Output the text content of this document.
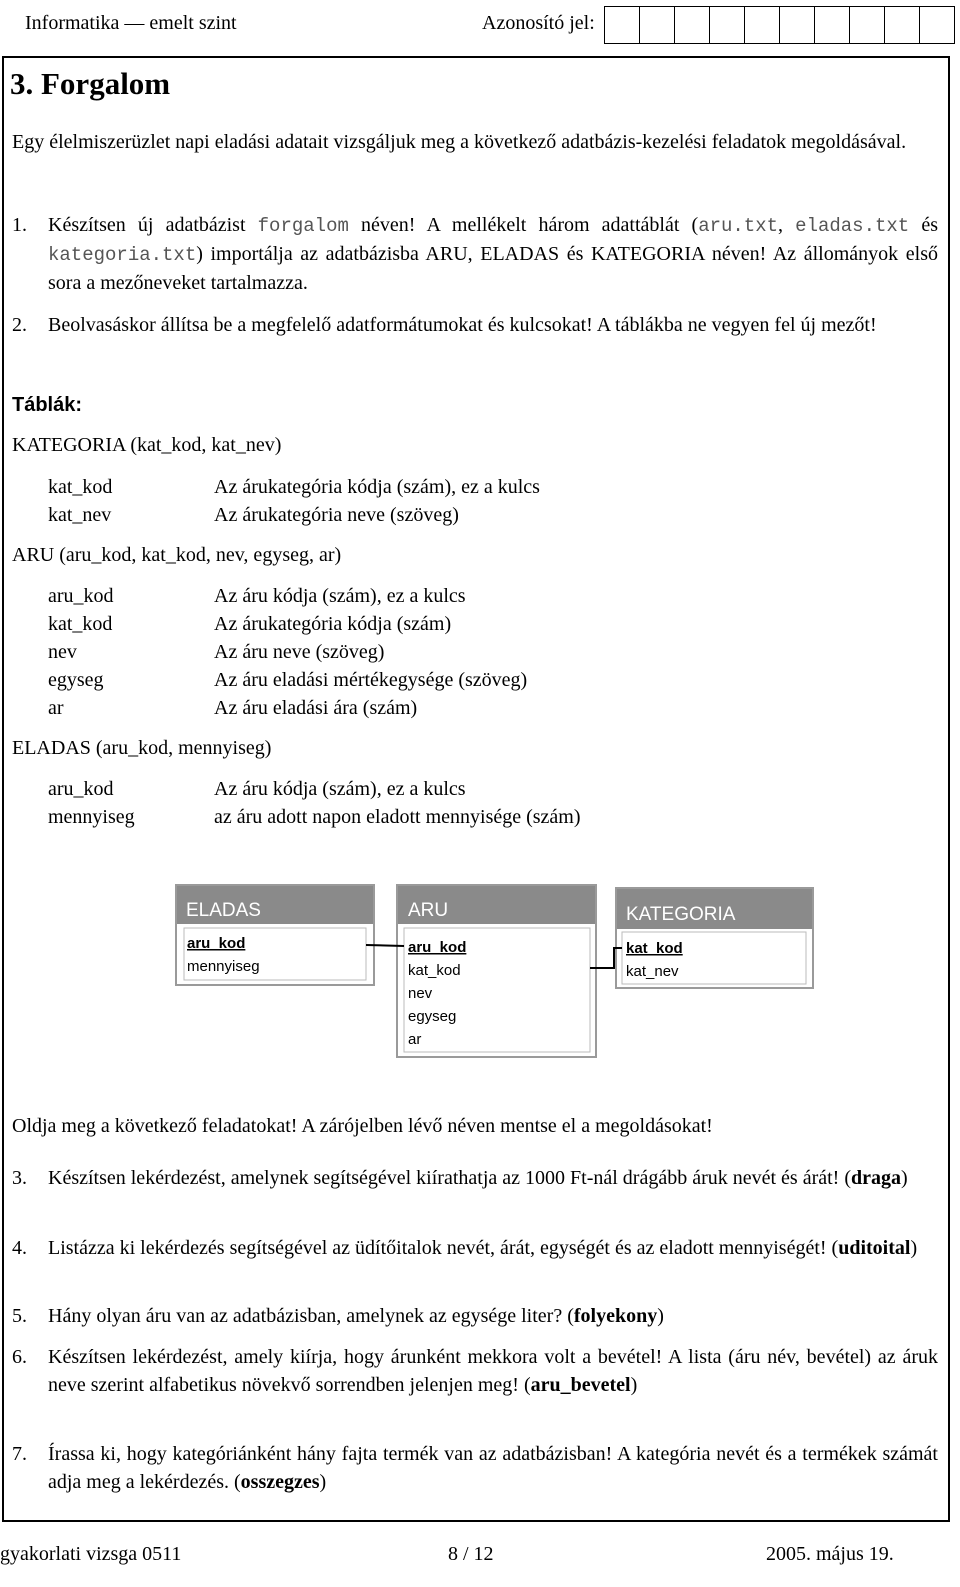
Informatika — emelt szint	Azonosító jel:
3. Forgalom
Egy élelmiszerüzlet napi eladási adatait vizsgáljuk meg a következő adatbázis-kezelési feladatok megoldásával.
1. Készítsen új adatbázist forgalom néven! A mellékelt három adattáblát (aru.txt, eladas.txt és kategoria.txt) importálja az adatbázisba ARU, ELADAS és KATEGORIA néven! Az állományok első sora a mezőneveket tartalmazza.
2. Beolvasáskor állítsa be a megfelelő adatformátumokat és kulcsokat! A táblákba ne vegyen fel új mezőt!
Táblák:
KATEGORIA (kat_kod, kat_nev)
kat_kod	Az árukategória kódja (szám), ez a kulcs
kat_nev	Az árukategória neve (szöveg)
ARU (aru_kod, kat_kod, nev, egyseg, ar)
aru_kod	Az áru kódja (szám), ez a kulcs
kat_kod	Az árukategória kódja (szám)
nev	Az áru neve (szöveg)
egyseg	Az áru eladási mértékegysége (szöveg)
ar	Az áru eladási ára (szám)
ELADAS (aru_kod, mennyiseg)
aru_kod	Az áru kódja (szám), ez a kulcs
mennyiseg	az áru adott napon eladott mennyisége (szám)
ELADAS
aru_kod
mennyiseg
ARU
aru_kod
kat_kod
nev
egyseg
ar
KATEGORIA
kat_kod
kat_nev
Oldja meg a következő feladatokat! A zárójelben lévő néven mentse el a megoldásokat!
3. Készítsen lekérdezést, amelynek segítségével kiírathatja az 1000 Ft-nál drágább áruk nevét és árát! (draga)
4. Listázza ki lekérdezés segítségével az üdítőitalok nevét, árát, egységét és az eladott mennyiségét! (uditoital)
5. Hány olyan áru van az adatbázisban, amelynek az egysége liter? (folyekony)
6. Készítsen lekérdezést, amely kiírja, hogy árunként mekkora volt a bevétel! A lista (áru név, bevétel) az áruk neve szerint alfabetikus növekvő sorrendben jelenjen meg! (aru_bevetel)
7. Írassa ki, hogy kategóriánként hány fajta termék van az adatbázisban! A kategória nevét és a termékek számát adja meg a lekérdezés. (osszegzes)
gyakorlati vizsga 0511	8 / 12	2005. május 19.
